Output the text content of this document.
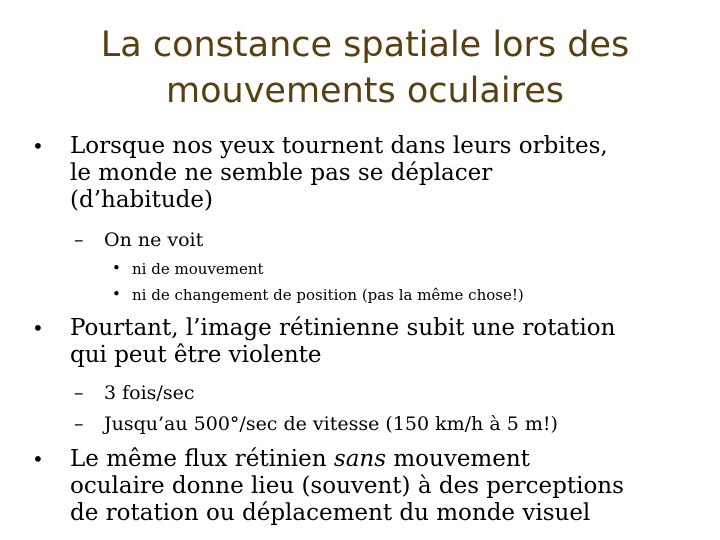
La constance spatiale lors des
mouvements oculaires
•	Lorsque nos yeux tournent dans leurs orbites,
le monde ne semble pas se déplacer
(d’habitude)
– On ne voit
• ni de mouvement
• ni de changement de position (pas la même chose!)
•	Pourtant, l’image rétinienne subit une rotation
qui peut être violente
– 3 fois/sec
– Jusqu’au 500°/sec de vitesse (150 km/h à 5 m!)
•	Le même flux rétinien sans mouvement
oculaire donne lieu (souvent) à des perceptions
de rotation ou déplacement du monde visuel
